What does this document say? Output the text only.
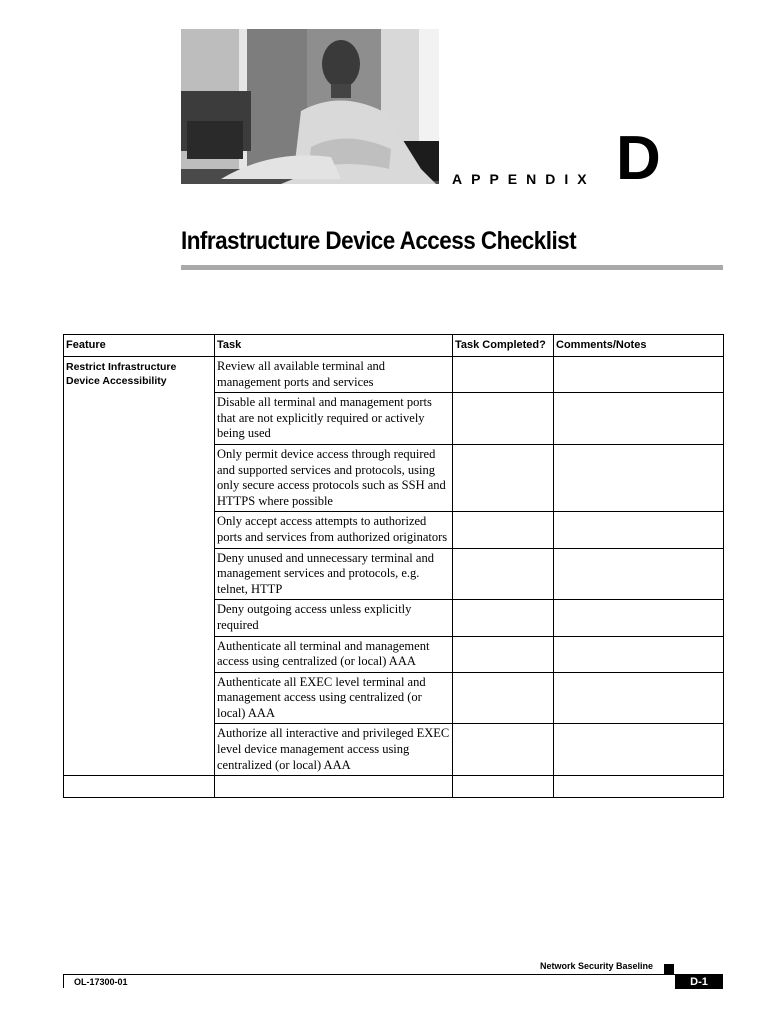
APPENDIX D
Infrastructure Device Access Checklist
Feature	Task	Task Completed?	Comments/Notes
Restrict Infrastructure Device Accessibility	Review all available terminal and management ports and services		
	Disable all terminal and management ports that are not explicitly required or actively being used		
	Only permit device access through required and supported services and protocols, using only secure access protocols such as SSH and HTTPS where possible		
	Only accept access attempts to authorized ports and services from authorized originators		
	Deny unused and unnecessary terminal and management services and protocols, e.g. telnet, HTTP		
	Deny outgoing access unless explicitly required		
	Authenticate all terminal and management access using centralized (or local) AAA		
	Authenticate all EXEC level terminal and management access using centralized (or local) AAA		
	Authorize all interactive and privileged EXEC level device management access using centralized (or local) AAA		

Network Security Baseline
OL-17300-01	D-1
